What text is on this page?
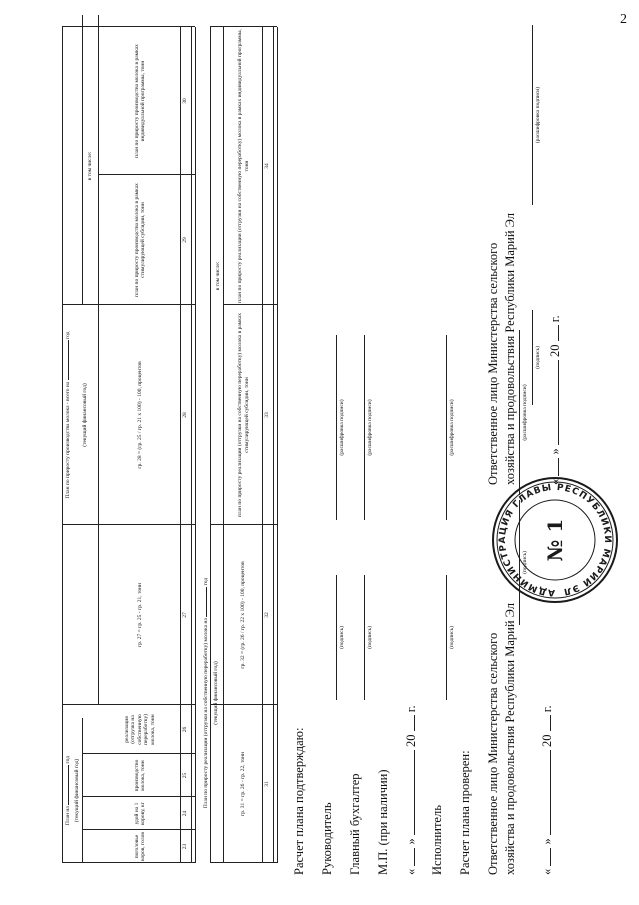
2
План на  год (текущий финансовый год)
План по приросту производства молока - всего на  год
(текущий финансовый год)
в том числе:
поголовье коров, голов
удой на 1 корову, кг
производство молока, тонн
реализация (отгрузка на собственную переработку) молока, тонн
гр. 27 = гр. 25 - гр. 21, тонн
гр. 28 = (гр. 25 / гр. 21 x 100) - 100, процентов
план по приросту производства молока в рамках стимулирующей субсидии, тонн
план по приросту производства молока в рамках индивидуальной программы, тонн
23
24
25
26
27
28
29
30
План по приросту реализации (отгрузки на собственную переработку) молока на  год
(текущий финансовый год)
в том числе:
гр. 31 = гр. 26 - гр. 22, тонн
гр. 32 = (гр. 26 / гр. 22 x 100) - 100, процентов
план по приросту реализации (отгрузки на собственную переработку) молока в рамках стимулирующей субсидии, тонн
план по приросту реализации (отгрузки на собственную переработку) молока в рамках индивидуальной программы, тонн
31
32
33
34
Расчет плана подтверждаю: Руководитель
(подпись)
(расшифровка подписи)
Главный бухгалтер
(подпись)
(расшифровка подписи)
М.П. (при наличии) «  »  20  г.
Исполнитель
(подпись)
(расшифровка подписи)
Расчет плана проверен: Ответственное лицо Министерства сельского хозяйства и продовольствия Республики Марий Эл
(подпись)
(расшифровка подписи)
Ответственное лицо Министерства сельского хозяйства и продовольствия Республики Марий Эл	(подпись)
(расшифровка подписи)
«  »  20  г.
«  »  20  г.
АДМИНИСТРАЦИЯ ГЛАВЫ РЕСПУБЛИКИ МАРИЙ ЭЛ
№ 1
